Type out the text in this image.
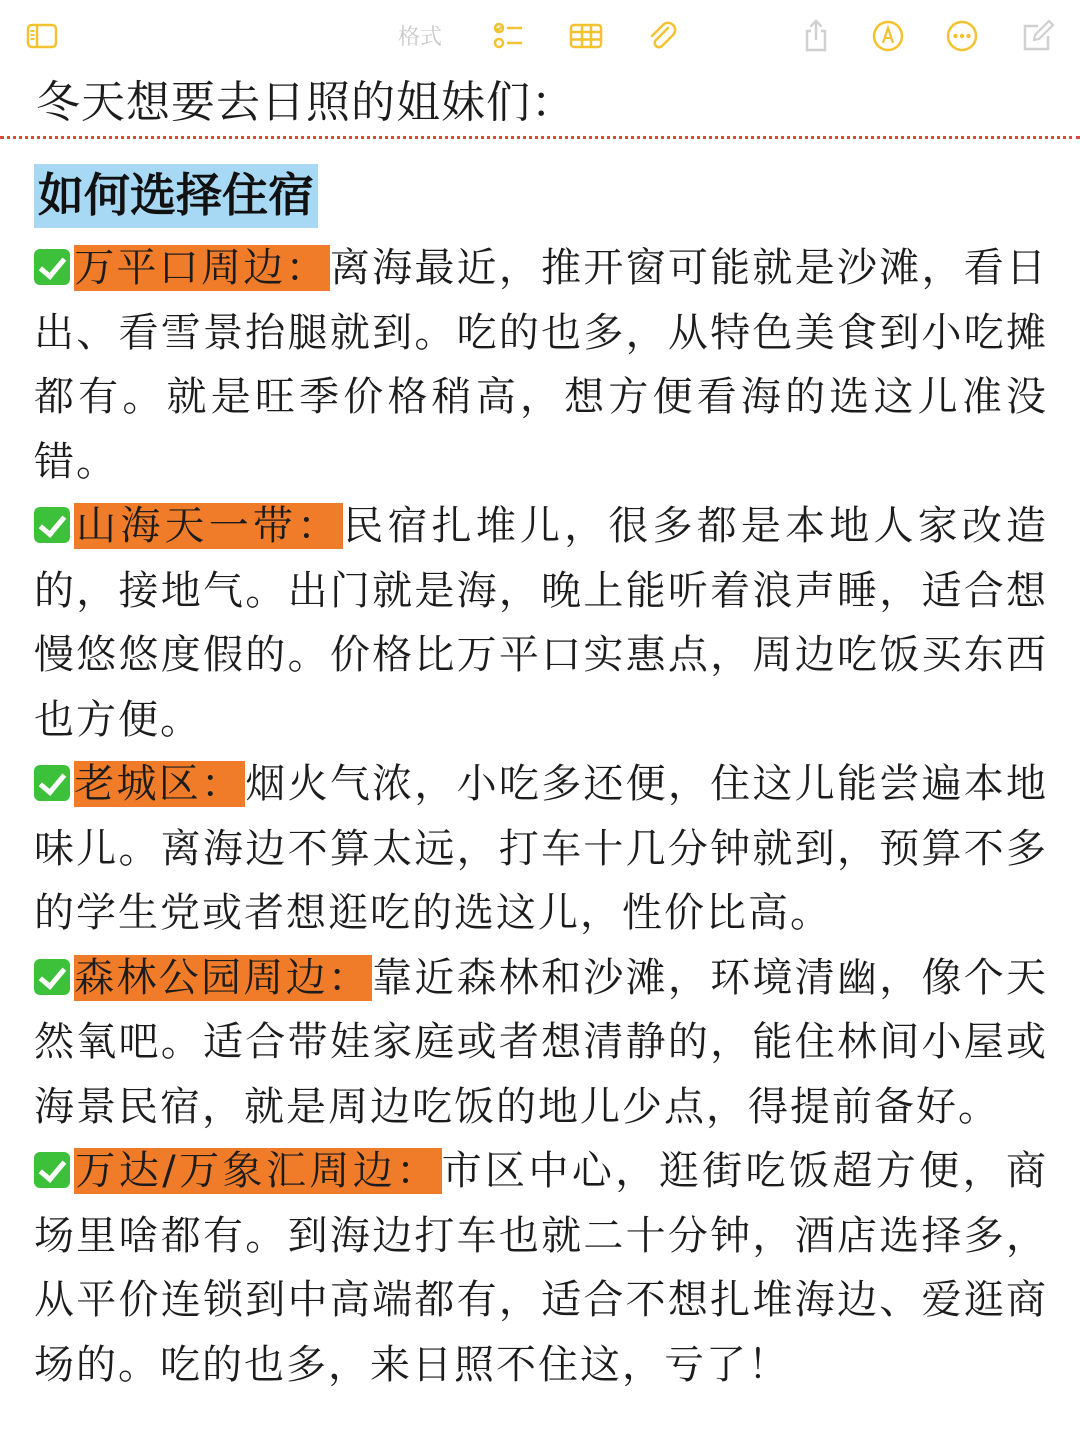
格式
冬天想要去日照的姐妹们：
如何选择住宿

万平口周边：离海最近，推开窗可能就是沙滩，看日出、看雪景抬腿就到。吃的也多，从特色美食到小吃摊都有。就是旺季价格稍高，想方便看海的选这儿准没错。

山海天一带：民宿扎堆儿，很多都是本地人家改造的，接地气。出门就是海，晚上能听着浪声睡，适合想慢悠悠度假的。价格比万平口实惠点，周边吃饭买东西也方便。

老城区：烟火气浓，小吃多还便，住这儿能尝遍本地味儿。离海边不算太远，打车十几分钟就到，预算不多的学生党或者想逛吃的选这儿，性价比高。

森林公园周边：靠近森林和沙滩，环境清幽，像个天然氧吧。适合带娃家庭或者想清静的，能住林间小屋或海景民宿，就是周边吃饭的地儿少点，得提前备好。

万达/万象汇周边：市区中心，逛街吃饭超方便，商场里啥都有。到海边打车也就二十分钟，酒店选择多，从平价连锁到中高端都有，适合不想扎堆海边、爱逛商场的。吃的也多，来日照不住这，亏了！
